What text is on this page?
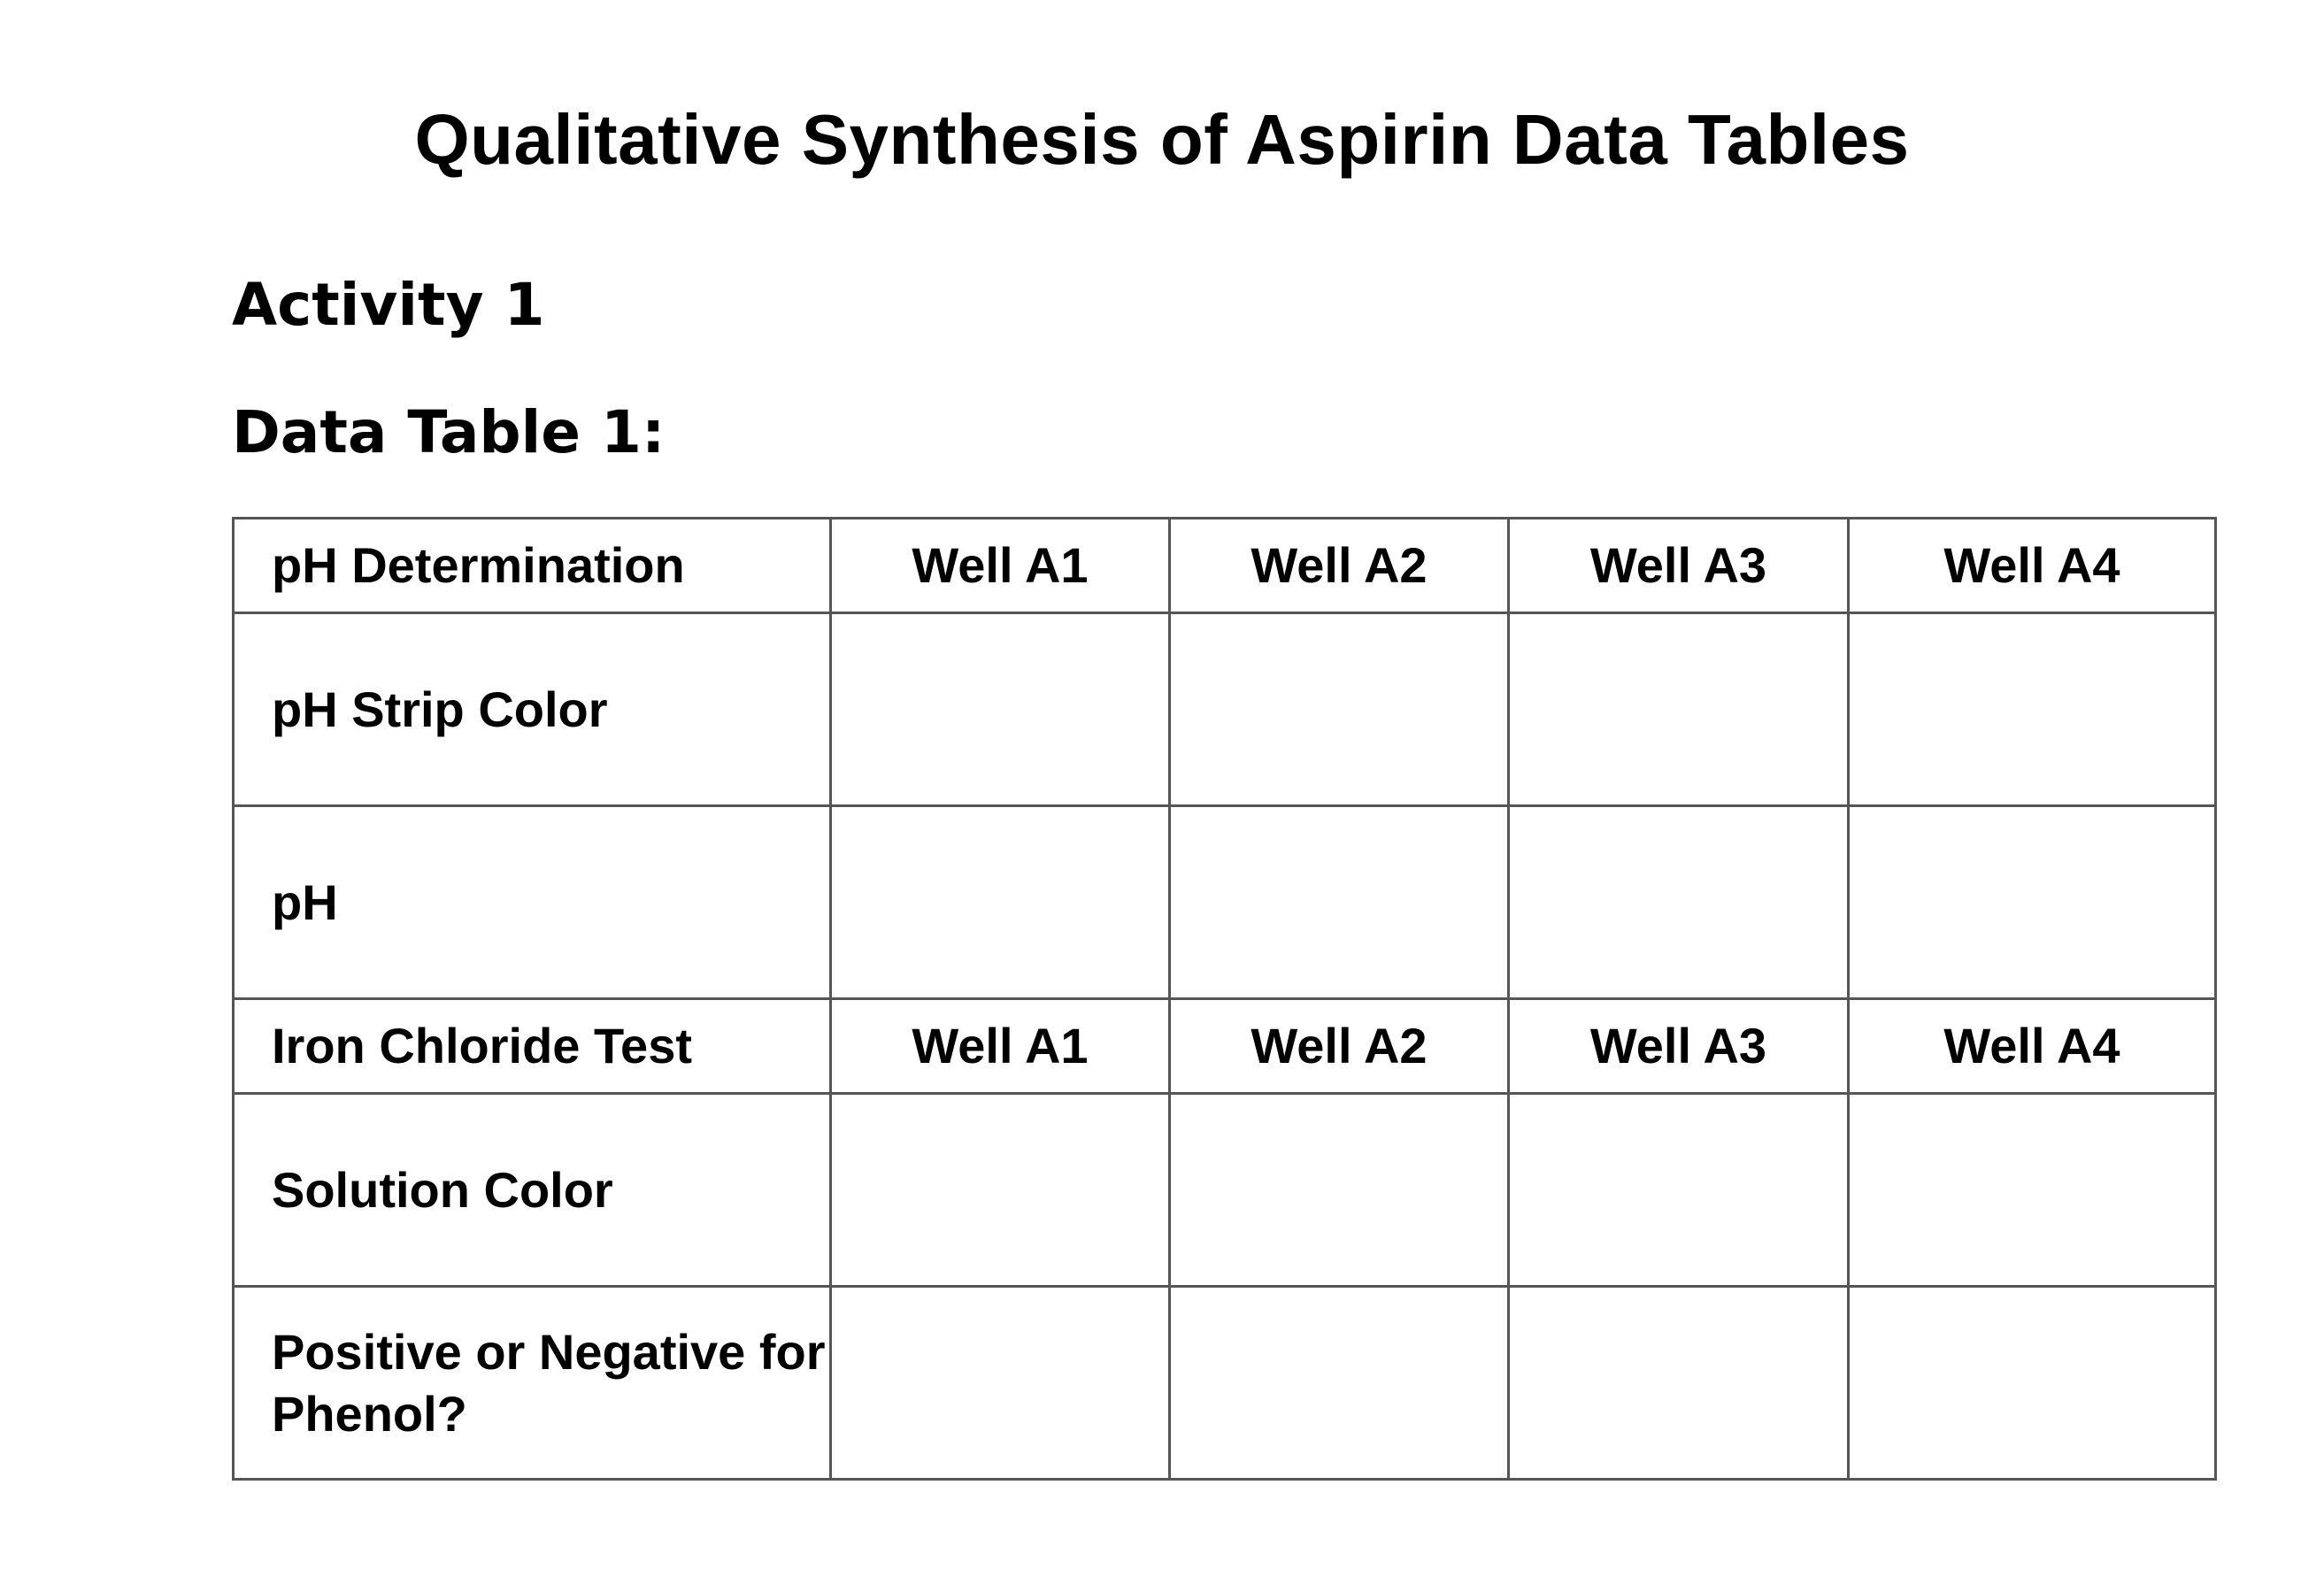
Qualitative Synthesis of Aspirin Data Tables
Activity 1
Data Table 1:
pH Determination	Well A1	Well A2	Well A3	Well A4
pH Strip Color				
pH				
Iron Chloride Test	Well A1	Well A2	Well A3	Well A4
Solution Color				
Positive or Negative for Phenol?				
